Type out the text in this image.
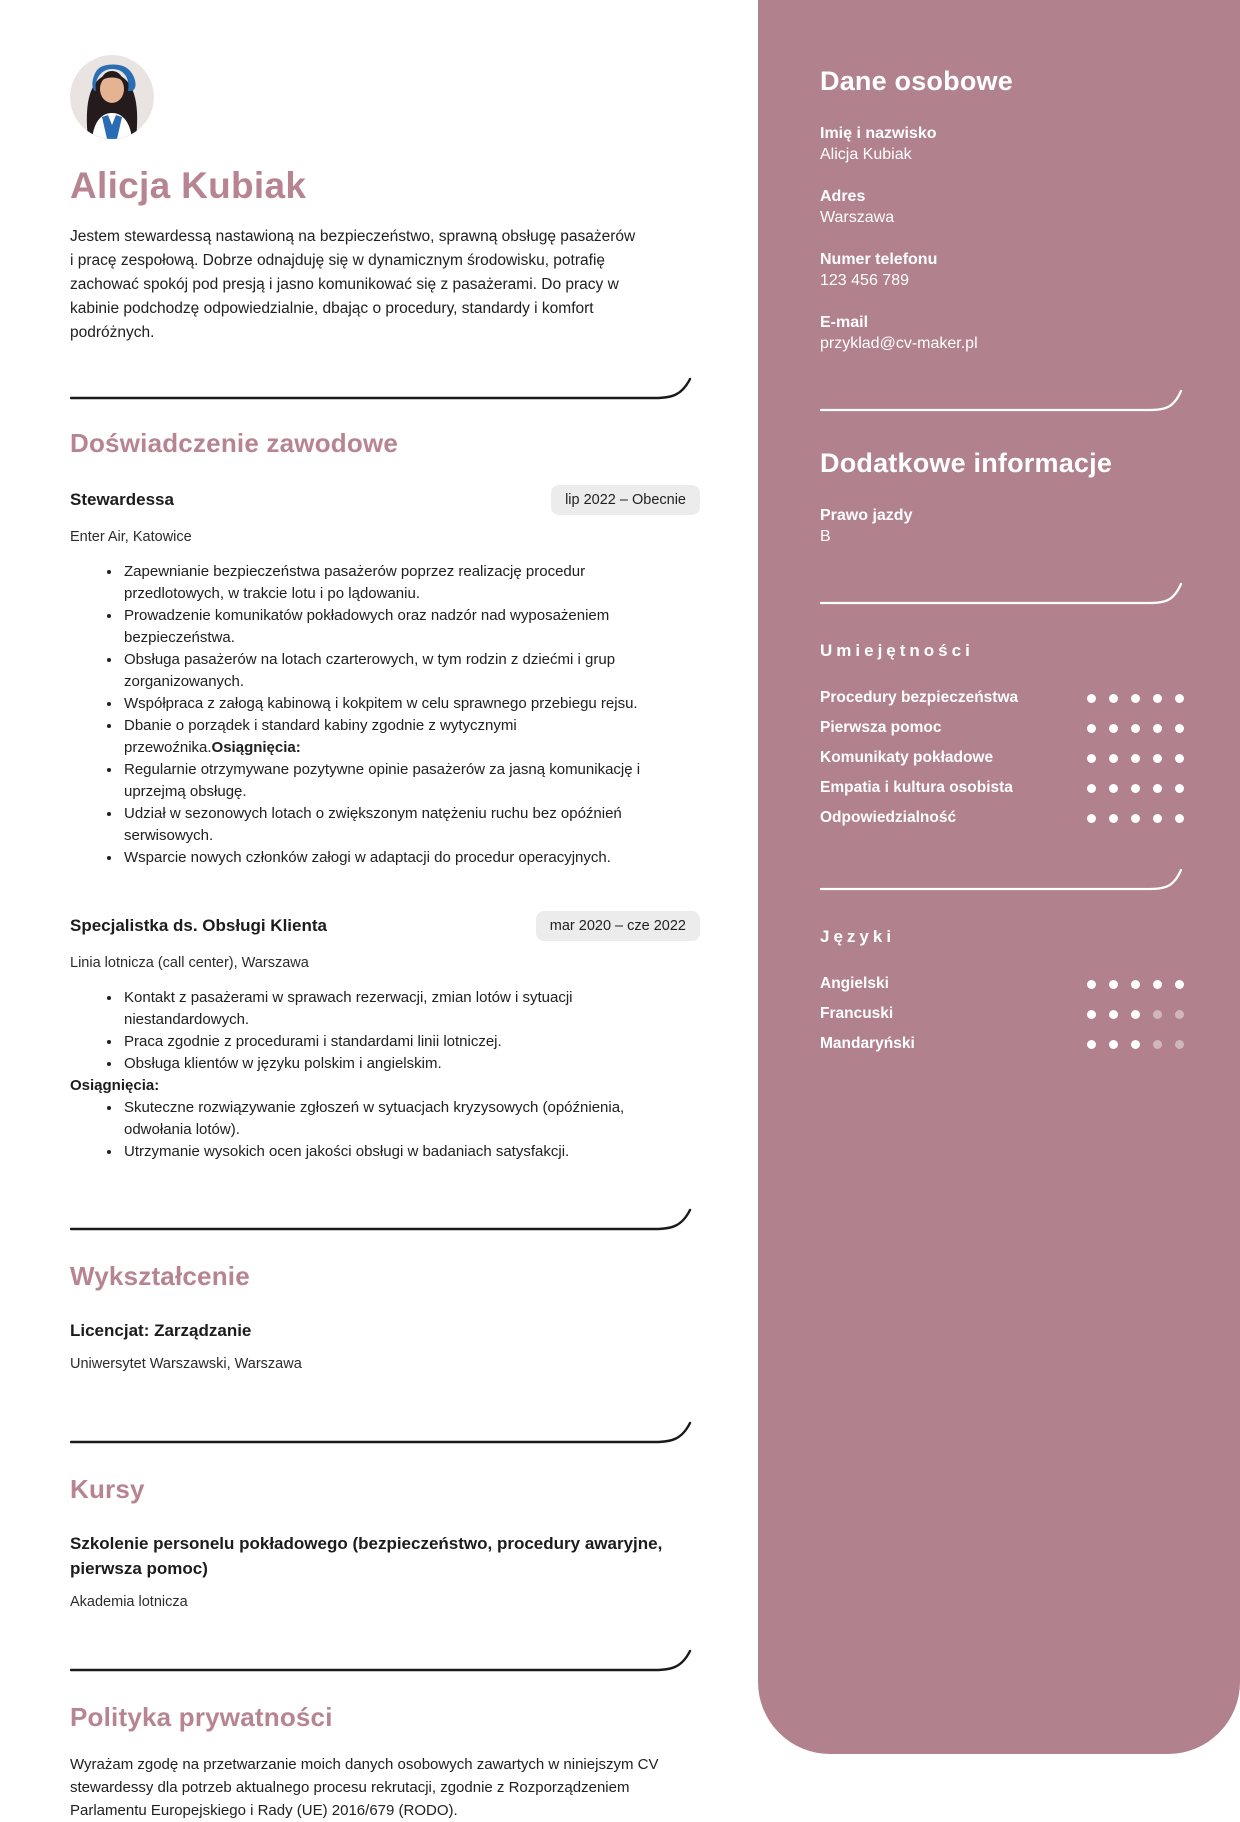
Alicja Kubiak

Jestem stewardessą nastawioną na bezpieczeństwo, sprawną obsługę pasażerów i pracę zespołową. Dobrze odnajduję się w dynamicznym środowisku, potrafię zachować spokój pod presją i jasno komunikować się z pasażerami. Do pracy w kabinie podchodzę odpowiedzialnie, dbając o procedury, standardy i komfort podróżnych.

Doświadczenie zawodowe
Stewardessa	lip 2022 – Obecnie
Enter Air, Katowice
• Zapewnianie bezpieczeństwa pasażerów poprzez realizację procedur przedlotowych, w trakcie lotu i po lądowaniu.
• Prowadzenie komunikatów pokładowych oraz nadzór nad wyposażeniem bezpieczeństwa.
• Obsługa pasażerów na lotach czarterowych, w tym rodzin z dziećmi i grup zorganizowanych.
• Współpraca z załogą kabinową i kokpitem w celu sprawnego przebiegu rejsu.
• Dbanie o porządek i standard kabiny zgodnie z wytycznymi przewoźnika.Osiągnięcia:
• Regularnie otrzymywane pozytywne opinie pasażerów za jasną komunikację i uprzejmą obsługę.
• Udział w sezonowych lotach o zwiększonym natężeniu ruchu bez opóźnień serwisowych.
• Wsparcie nowych członków załogi w adaptacji do procedur operacyjnych.
Specjalistka ds. Obsługi Klienta	mar 2020 – cze 2022
Linia lotnicza (call center), Warszawa
• Kontakt z pasażerami w sprawach rezerwacji, zmian lotów i sytuacji niestandardowych.
• Praca zgodnie z procedurami i standardami linii lotniczej.
• Obsługa klientów w języku polskim i angielskim.

Osiągnięcia:

• Skuteczne rozwiązywanie zgłoszeń w sytuacjach kryzysowych (opóźnienia, odwołania lotów).
• Utrzymanie wysokich ocen jakości obsługi w badaniach satysfakcji.
Wykształcenie

Licencjat: Zarządzanie

Uniwersytet Warszawski, Warszawa

Kursy

Szkolenie personelu pokładowego (bezpieczeństwo, procedury awaryjne, pierwsza pomoc)

Akademia lotnicza

Polityka prywatności

Wyrażam zgodę na przetwarzanie moich danych osobowych zawartych w niniejszym CV stewardessy dla potrzeb aktualnego procesu rekrutacji, zgodnie z Rozporządzeniem Parlamentu Europejskiego i Rady (UE) 2016/679 (RODO).

Dane osobowe
Imię i nazwisko
Alicja Kubiak
Adres
Warszawa
Numer telefonu
123 456 789
E-mail
przyklad@cv-maker.pl
Dodatkowe informacje
Prawo jazdy
B
Umiejętności
Procedury bezpieczeństwa
Pierwsza pomoc
Komunikaty pokładowe
Empatia i kultura osobista
Odpowiedzialność
Języki
Angielski
Francuski
Mandaryński
